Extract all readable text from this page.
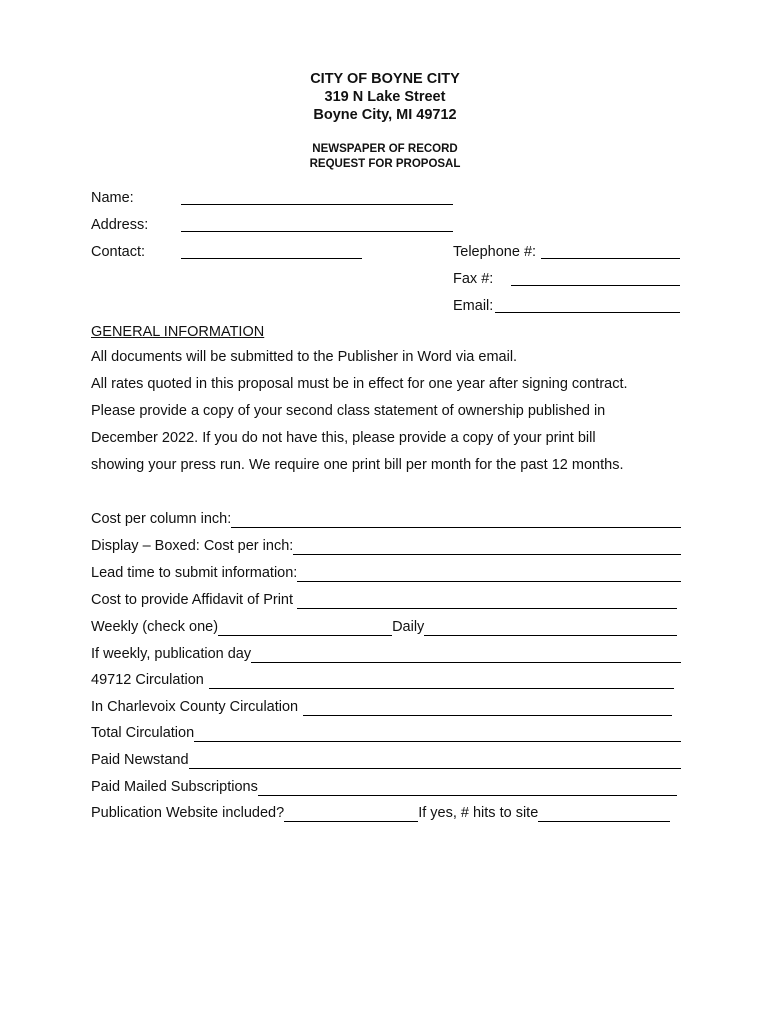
CITY OF BOYNE CITY
319 N Lake Street
Boyne City, MI 49712
NEWSPAPER OF RECORD
REQUEST FOR PROPOSAL
Name:
Address:
Contact:	Telephone #:
Fax #:
Email:
GENERAL INFORMATION
All documents will be submitted to the Publisher in Word via email.
All rates quoted in this proposal must be in effect for one year after signing contract.
Please provide a copy of your second class statement of ownership published in
December 2022. If you do not have this, please provide a copy of your print bill
showing your press run. We require one print bill per month for the past 12 months.
Cost per column inch:
Display – Boxed: Cost per inch:
Lead time to submit information:
Cost to provide Affidavit of Print
Weekly (check one)	Daily
If weekly, publication day
49712 Circulation
In Charlevoix County Circulation
Total Circulation
Paid Newstand
Paid Mailed Subscriptions
Publication Website included?	If yes, # hits to site
